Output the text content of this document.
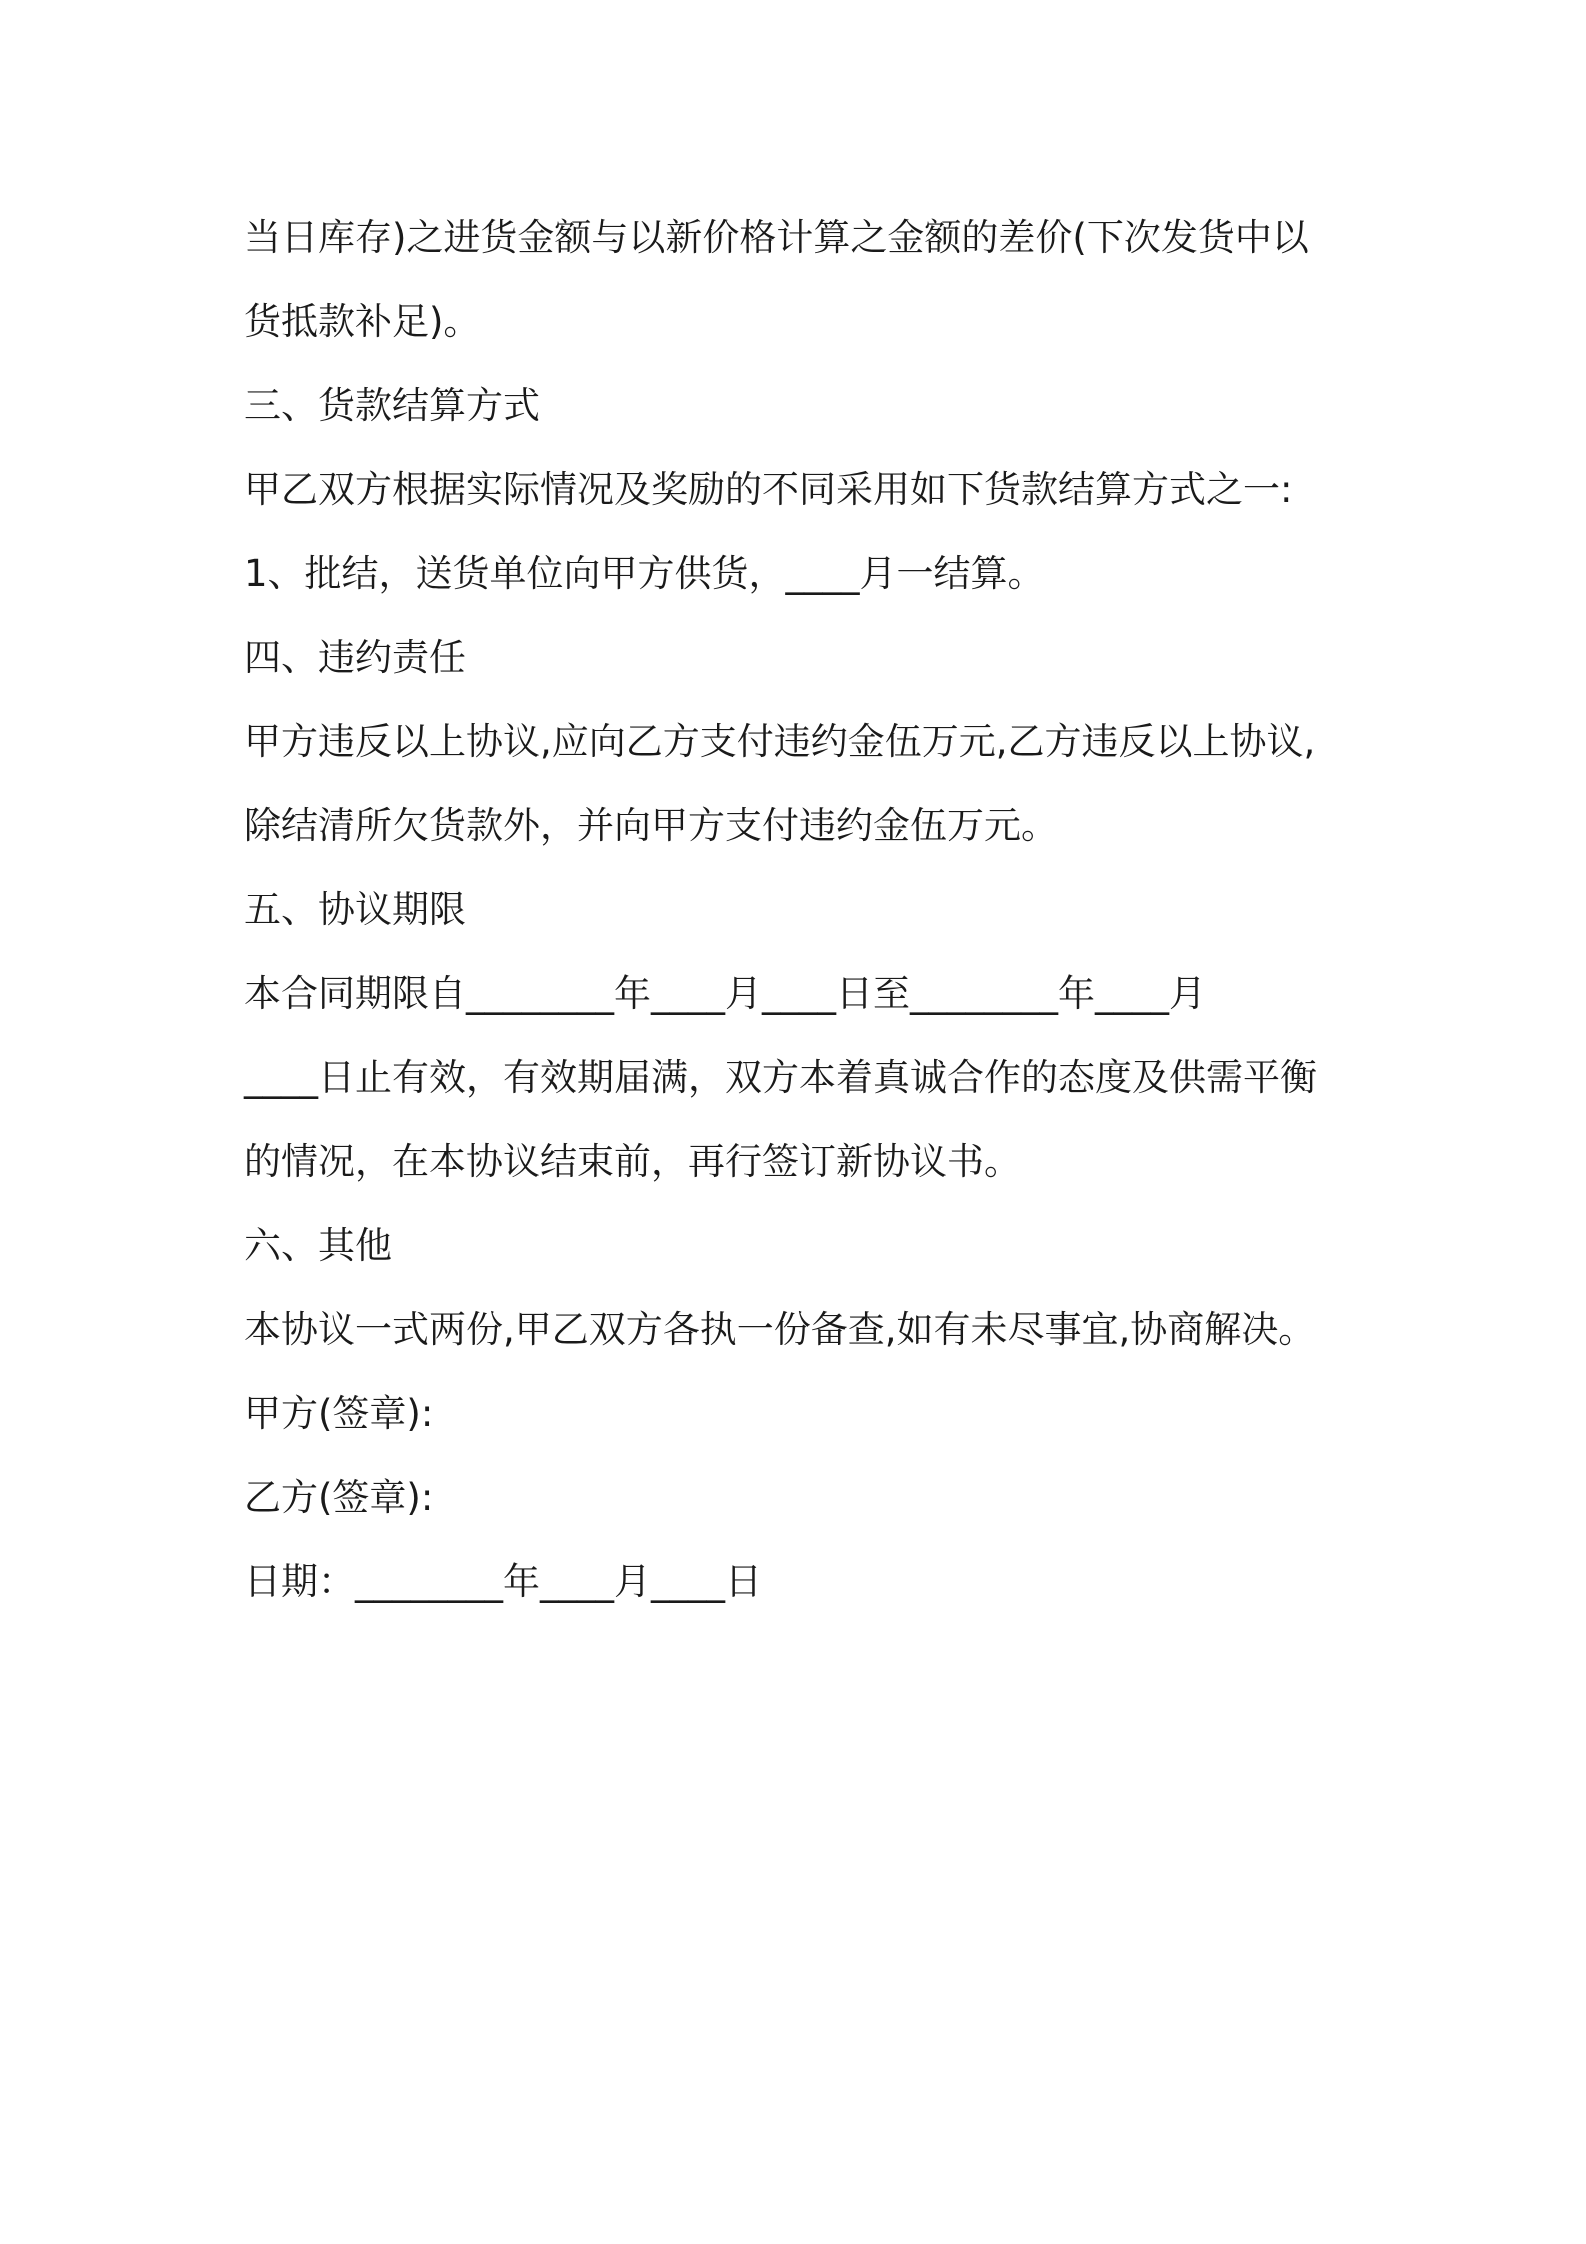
当日库存)之进货金额与以新价格计算之金额的差价(下次发货中以
货抵款补足)。
三、货款结算方式
甲乙双方根据实际情况及奖励的不同采用如下货款结算方式之一:
1、批结，送货单位向甲方供货，____月一结算。
四、违约责任
甲方违反以上协议,应向乙方支付违约金伍万元,乙方违反以上协议,
除结清所欠货款外，并向甲方支付违约金伍万元。
五、协议期限
本合同期限自________年____月____日至________年____月
____日止有效，有效期届满，双方本着真诚合作的态度及供需平衡
的情况，在本协议结束前，再行签订新协议书。
六、其他
本协议一式两份,甲乙双方各执一份备查,如有未尽事宜,协商解决。
甲方(签章):
乙方(签章):
日期：________年____月____日
